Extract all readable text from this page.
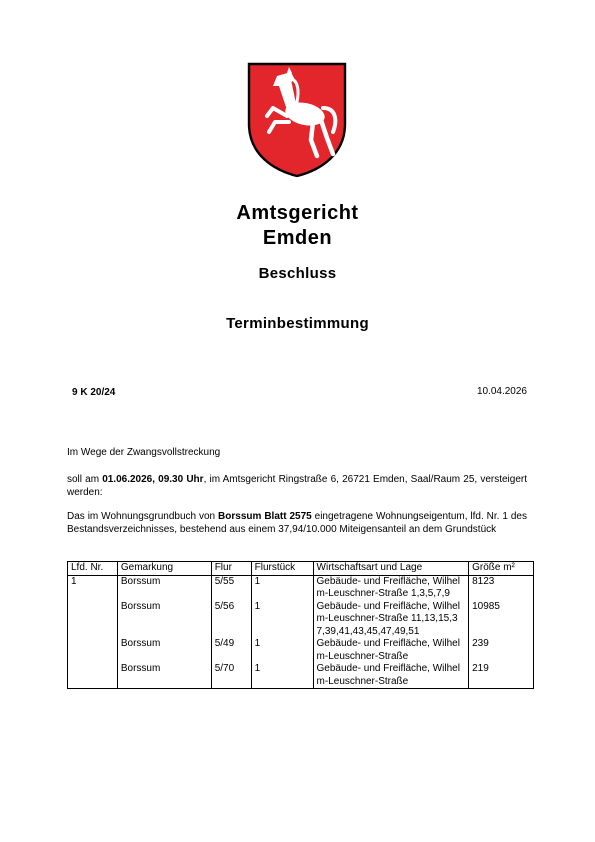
Amtsgericht
Emden
Beschluss
Terminbestimmung
9 K 20/24	10.04.2026
Im Wege der Zwangsvollstreckung
soll am 01.06.2026, 09.30 Uhr, im Amtsgericht Ringstraße 6, 26721 Emden, Saal/Raum 25, versteigert werden:
Das im Wohnungsgrundbuch von Borssum Blatt 2575 eingetragene Wohnungseigentum, lfd. Nr. 1 des Bestandsverzeichnisses, bestehend aus einem 37,94/10.000 Miteigensanteil an dem Grundstück
Lfd. Nr.	Gemarkung	Flur	Flurstück	Wirtschaftsart und Lage	Größe m²
1	Borssum	5/55	1	Gebäude- und Freifläche, Wilhelm-Leuschner-Straße 1,3,5,7,9	8123
	Borssum	5/56	1	Gebäude- und Freifläche, Wilhelm-Leuschner-Straße 11,13,15,37,39,41,43,45,47,49,51	10985
	Borssum	5/49	1	Gebäude- und Freifläche, Wilhelm-Leuschner-Straße	239
	Borssum	5/70	1	Gebäude- und Freifläche, Wilhelm-Leuschner-Straße	219
